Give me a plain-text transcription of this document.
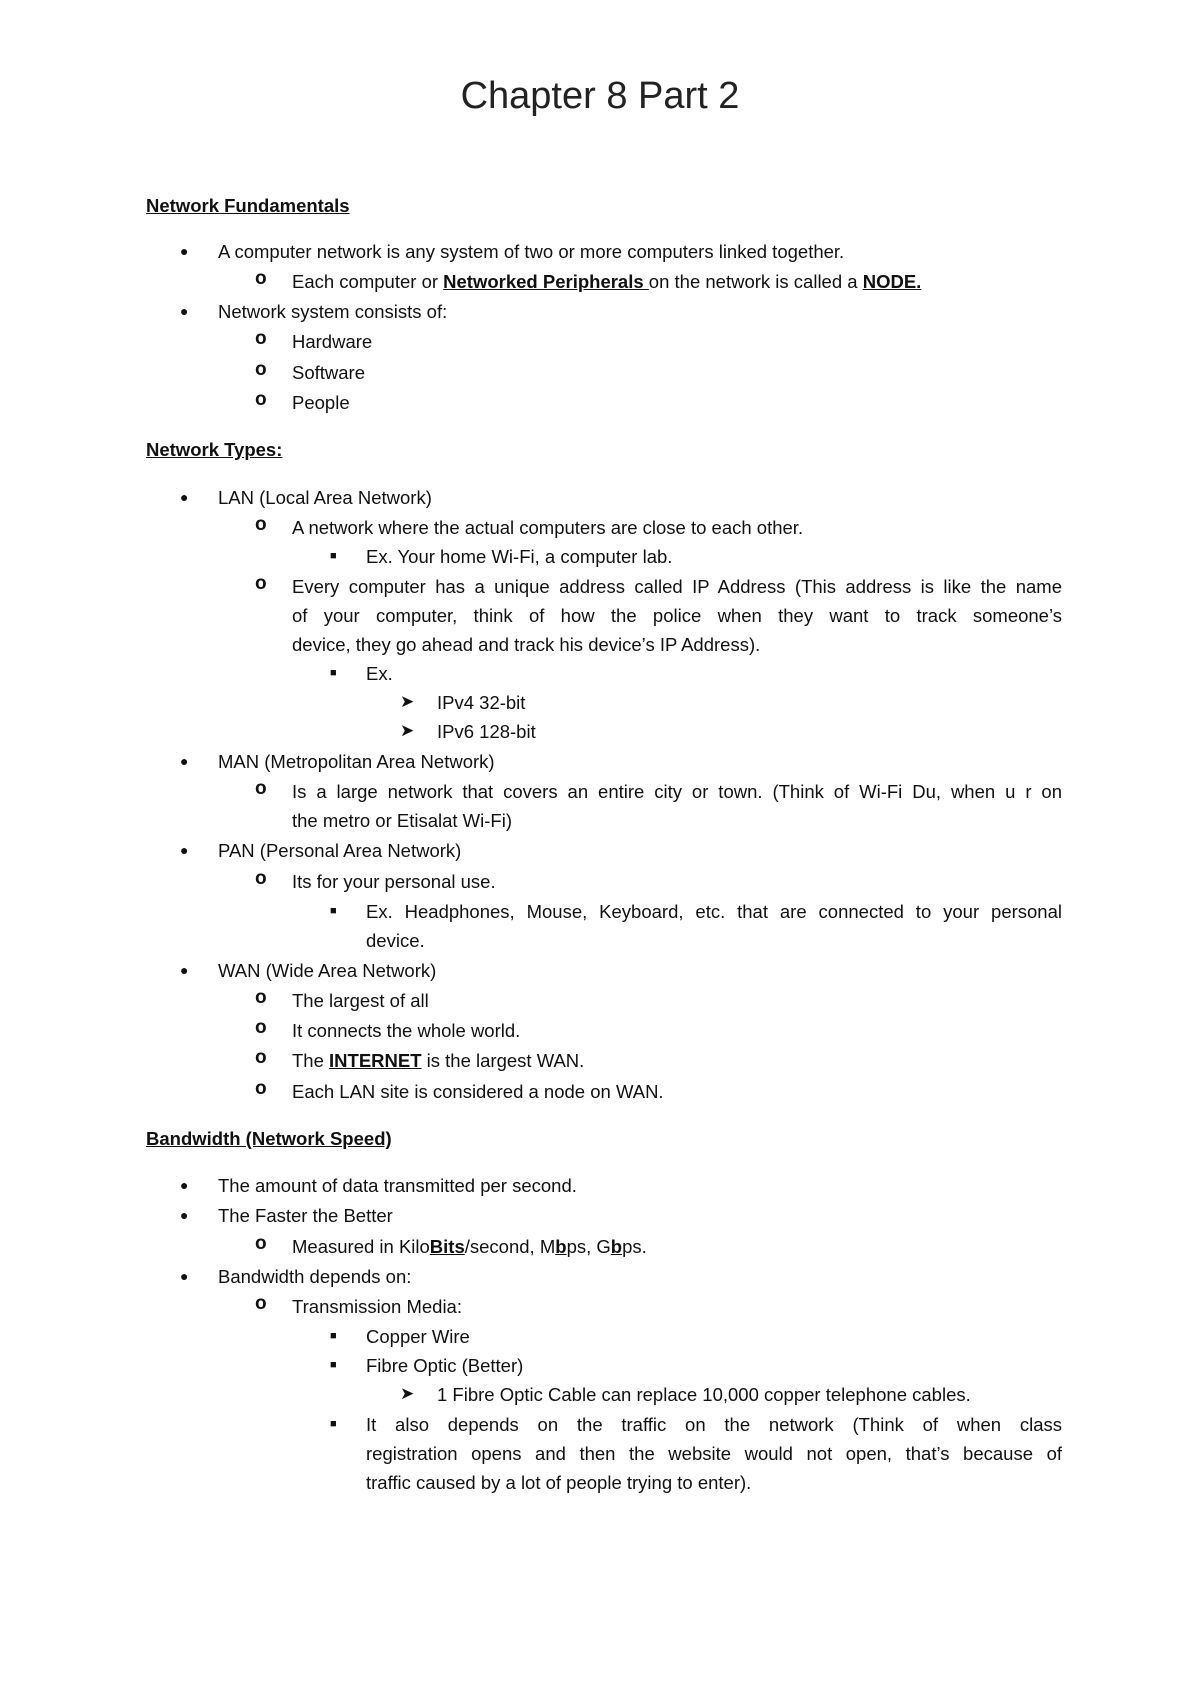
Chapter 8 Part 2
Network Fundamentals
● A computer network is any system of two or more computers linked together.
o Each computer or Networked Peripherals on the network is called a NODE.
● Network system consists of:
o Hardware
o Software
o People
Network Types:
● LAN (Local Area Network)
o A network where the actual computers are close to each other.
■ Ex. Your home Wi-Fi, a computer lab.
o Every computer has a unique address called IP Address (This address is like the name
of your computer, think of how the police when they want to track someone’s
device, they go ahead and track his device’s IP Address).
■ Ex.
➤ IPv4 32-bit
➤ IPv6 128-bit
● MAN (Metropolitan Area Network)
o Is a large network that covers an entire city or town. (Think of Wi-Fi Du, when u r on
the metro or Etisalat Wi-Fi)
● PAN (Personal Area Network)
o Its for your personal use.
■ Ex. Headphones, Mouse, Keyboard, etc. that are connected to your personal
device.
● WAN (Wide Area Network)
o The largest of all
o It connects the whole world.
o The INTERNET is the largest WAN.
o Each LAN site is considered a node on WAN.
Bandwidth (Network Speed)
● The amount of data transmitted per second.
● The Faster the Better
o Measured in KiloBits/second, Mbps, Gbps.
● Bandwidth depends on:
o Transmission Media:
■ Copper Wire
■ Fibre Optic (Better)
➤ 1 Fibre Optic Cable can replace 10,000 copper telephone cables.
■ It also depends on the traffic on the network (Think of when class
registration opens and then the website would not open, that’s because of
traffic caused by a lot of people trying to enter).
